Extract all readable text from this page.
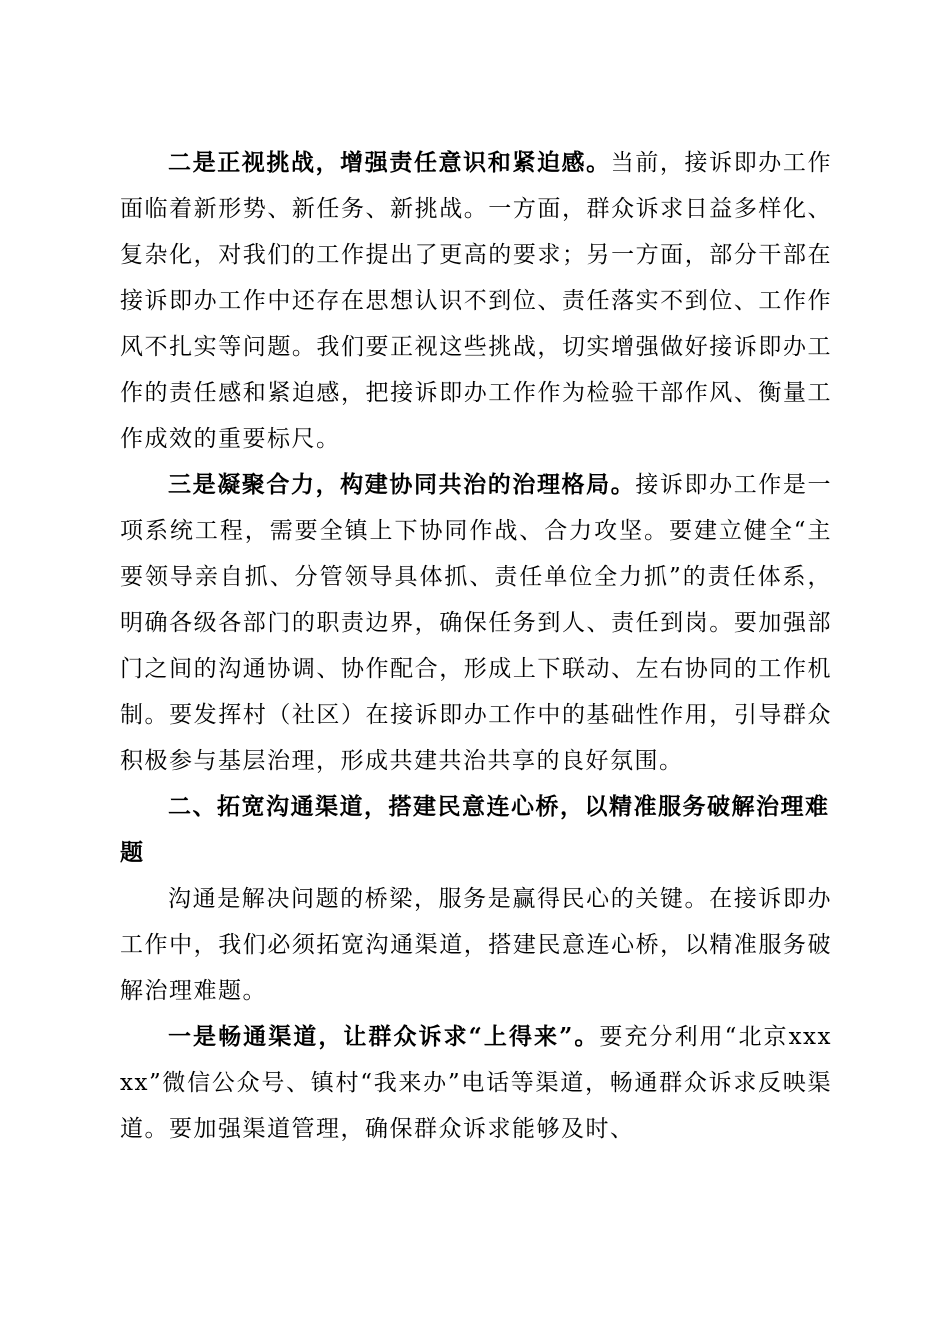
二是正视挑战，增强责任意识和紧迫感。当前，接诉即办工作面临着新形势、新任务、新挑战。一方面，群众诉求日益多样化、复杂化，对我们的工作提出了更高的要求；另一方面，部分干部在接诉即办工作中还存在思想认识不到位、责任落实不到位、工作作风不扎实等问题。我们要正视这些挑战，切实增强做好接诉即办工作的责任感和紧迫感，把接诉即办工作作为检验干部作风、衡量工作成效的重要标尺。

三是凝聚合力，构建协同共治的治理格局。接诉即办工作是一项系统工程，需要全镇上下协同作战、合力攻坚。要建立健全“主要领导亲自抓、分管领导具体抓、责任单位全力抓”的责任体系，明确各级各部门的职责边界，确保任务到人、责任到岗。要加强部门之间的沟通协调、协作配合，形成上下联动、左右协同的工作机制。要发挥村（社区）在接诉即办工作中的基础性作用，引导群众积极参与基层治理，形成共建共治共享的良好氛围。

二、拓宽沟通渠道，搭建民意连心桥，以精准服务破解治理难题

沟通是解决问题的桥梁，服务是赢得民心的关键。在接诉即办工作中，我们必须拓宽沟通渠道，搭建民意连心桥，以精准服务破解治理难题。

一是畅通渠道，让群众诉求“上得来”。要充分利用“北京xxxxx”微信公众号、镇村“我来办”电话等渠道，畅通群众诉求反映渠道。要加强渠道管理，确保群众诉求能够及时、
